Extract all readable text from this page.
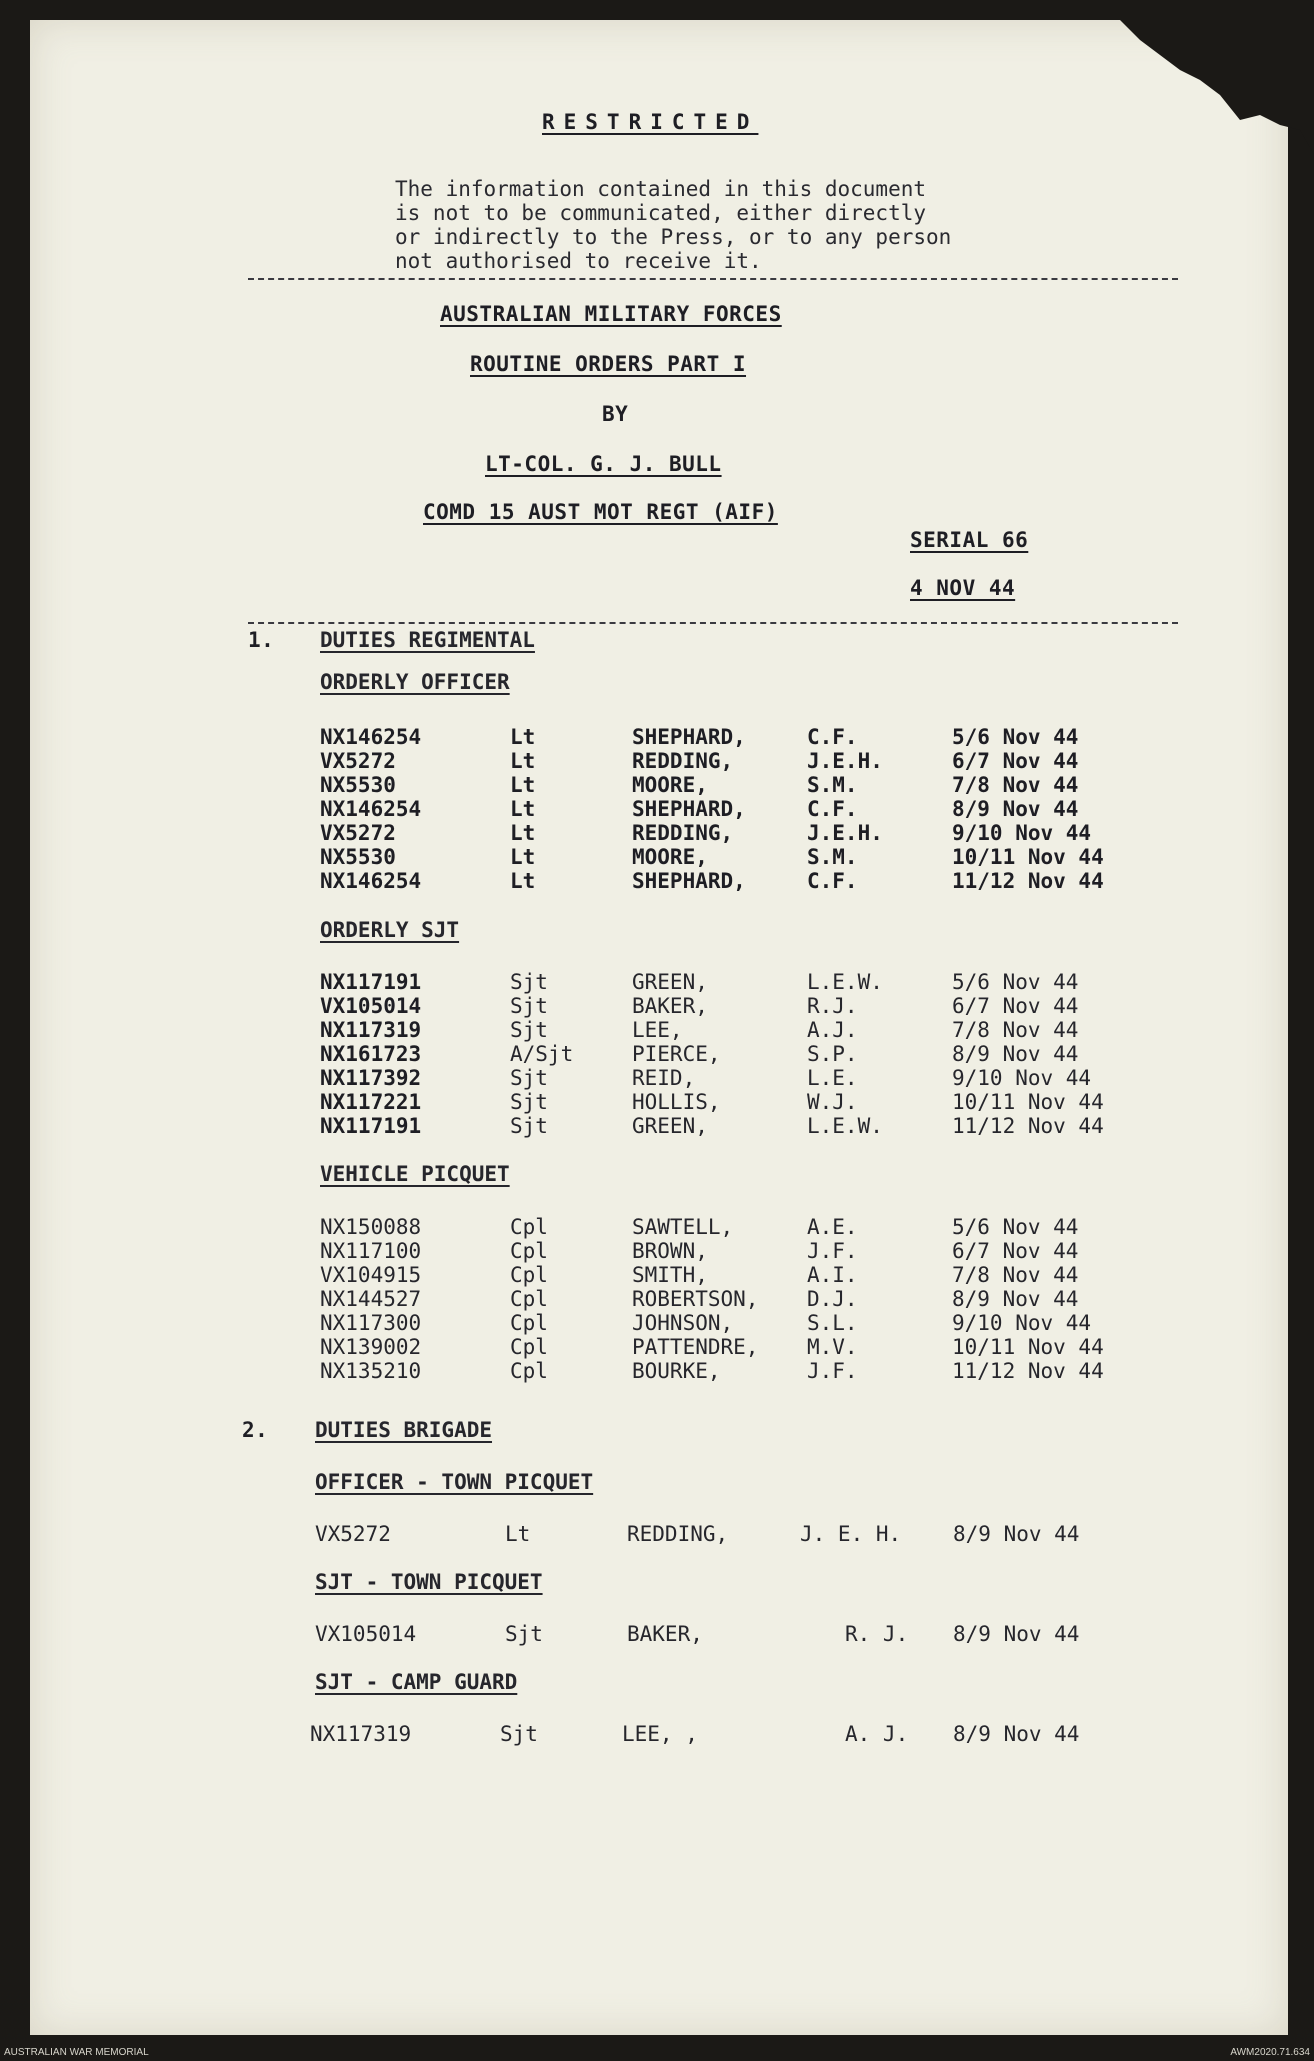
RESTRICTED
The information contained in this document
is not to be communicated, either directly
or indirectly to the Press, or to any person
not authorised to receive it.
AUSTRALIAN MILITARY FORCES
ROUTINE ORDERS PART I
BY
LT-COL. G. J. BULL
COMD 15 AUST MOT REGT (AIF)
SERIAL 66
4 NOV 44
1. DUTIES REGIMENTAL
ORDERLY OFFICER
NX146254	Lt	SHEPHARD,	C.F.	5/6 Nov 44
VX5272	Lt	REDDING,	J.E.H.	6/7 Nov 44
NX5530	Lt	MOORE,	S.M.	7/8 Nov 44
NX146254	Lt	SHEPHARD,	C.F.	8/9 Nov 44
VX5272	Lt	REDDING,	J.E.H.	9/10 Nov 44
NX5530	Lt	MOORE,	S.M.	10/11 Nov 44
NX146254	Lt	SHEPHARD,	C.F.	11/12 Nov 44
ORDERLY SJT
NX117191	Sjt	GREEN,	L.E.W.	5/6 Nov 44
VX105014	Sjt	BAKER,	R.J.	6/7 Nov 44
NX117319	Sjt	LEE,	A.J.	7/8 Nov 44
NX161723	A/Sjt	PIERCE,	S.P.	8/9 Nov 44
NX117392	Sjt	REID,	L.E.	9/10 Nov 44
NX117221	Sjt	HOLLIS,	W.J.	10/11 Nov 44
NX117191	Sjt	GREEN,	L.E.W.	11/12 Nov 44
VEHICLE PICQUET
NX150088	Cpl	SAWTELL,	A.E.	5/6 Nov 44
NX117100	Cpl	BROWN,	J.F.	6/7 Nov 44
VX104915	Cpl	SMITH,	A.I.	7/8 Nov 44
NX144527	Cpl	ROBERTSON, D.J.	8/9 Nov 44
NX117300	Cpl	JOHNSON,	S.L.	9/10 Nov 44
NX139002	Cpl	PATTENDRE, M.V.	10/11 Nov 44
NX135210	Cpl	BOURKE,	J.F.	11/12 Nov 44
2. DUTIES BRIGADE
OFFICER - TOWN PICQUET
VX5272	Lt	REDDING,	J. E. H. 8/9 Nov 44
SJT - TOWN PICQUET
VX105014	Sjt	BAKER,	R. J. 8/9 Nov 44
SJT - CAMP GUARD
NX117319	Sjt	LEE, ,	A. J. 8/9 Nov 44
AUSTRALIAN WAR MEMORIAL	AWM2020.71.634
